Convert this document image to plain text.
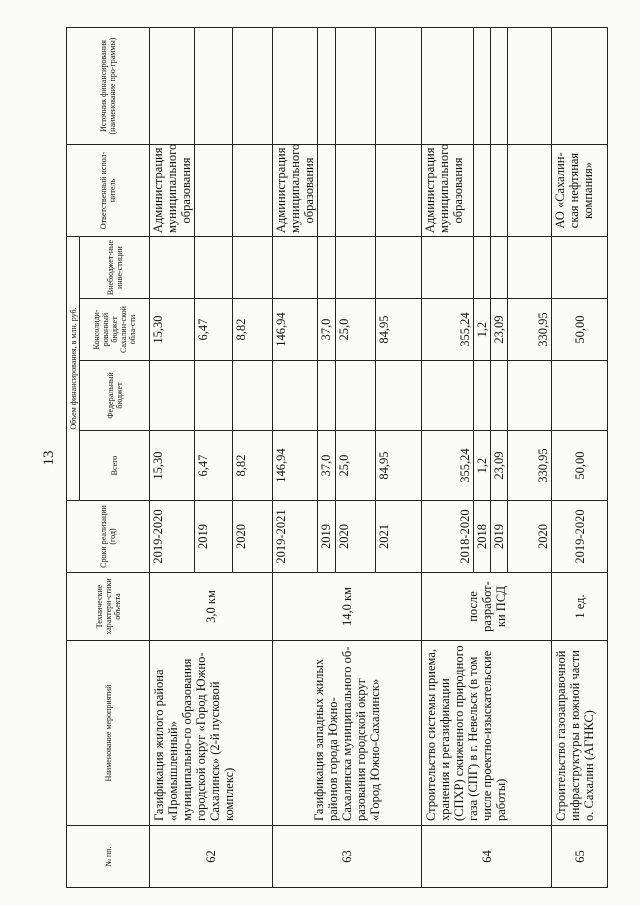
13
№ пп.	Наименование мероприятий	Технические характери-стики объекта	Сроки реализации (год)	Объем финансирования, в млн. руб.				Ответственный испол-нитель	Источник финансирования (наименование про-граммы)
				Всего	Федеральный бюджет	Консолиди-рованный бюджет Сахалин-ской обла-сти	Внебюджет-ные инве-стиции		
62	Газификация жилого района «Промышленный» муниципально-го образования городской округ «Город Южно-Сахалинск» (2-й пусковой комплекс)	3,0 км	2019-2020	15,30		15,30		Администрация муниципального образования	
			2019	6,47		6,47			
			2020	8,82		8,82			
63	Газификация западных жилых районов города Южно-Сахалинска муниципального об-разования городской округ «Город Южно-Сахалинск»	14,0 км	2019-2021	146,94		146,94		Администрация муниципального образования	
			2019	37,0		37,0			
			2020	25,0		25,0			
			2021	84,95		84,95			
64	Строительство системы приема, хранения и регазификации (СПХР) сжиженного природного газа (СПГ) в г. Невельск (в том числе проектно-изыскательские работы)	после разработ-ки ПСД	2018-2020	355,24		355,24		Администрация муниципального образования	
			2018	1,2		1,2			
			2019	23,09		23,09			
			2020	330,95		330,95			
65	Строительство газозаправочной инфраструктуры в южной части о. Сахалин (АГНКС)	1 ед.	2019-2020	50,00		50,00		АО «Сахалин-ская нефтяная компания»	
